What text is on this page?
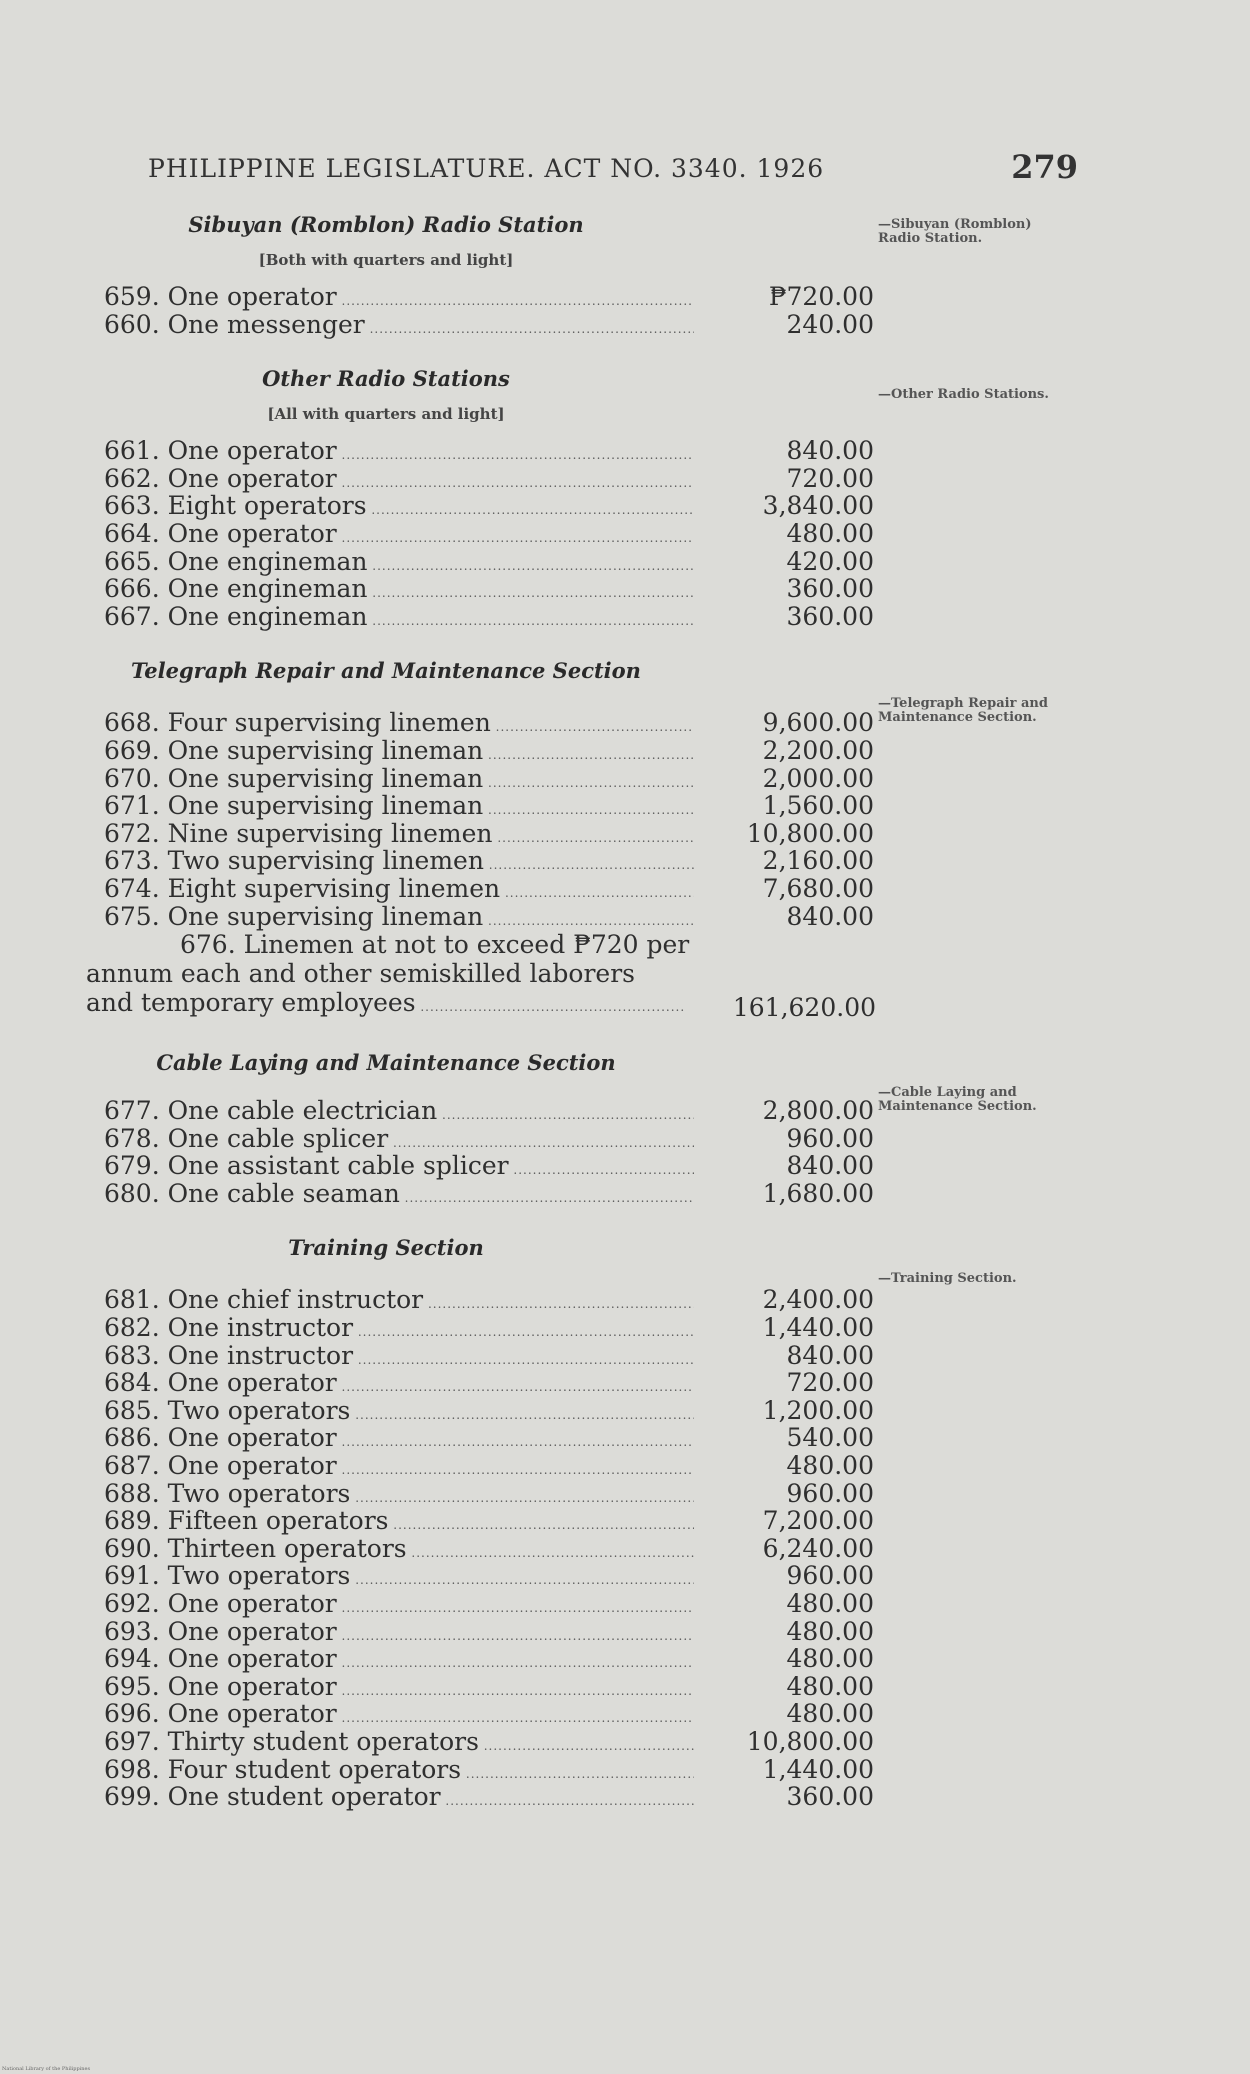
PHILIPPINE LEGISLATURE. ACT NO. 3340. 1926	279
Sibuyan (Romblon) Radio Station
[Both with quarters and light]
659. One operator .....	₱720.00
660. One messenger .....	240.00
Other Radio Stations
[All with quarters and light]
661. One operator .....	840.00
662. One operator .....	720.00
663. Eight operators .....	3,840.00
664. One operator .....	480.00
665. One engineman .....	420.00
666. One engineman .....	360.00
667. One engineman .....	360.00
Telegraph Repair and Maintenance Section
668. Four supervising linemen .....	9,600.00
669. One supervising lineman .....	2,200.00
670. One supervising lineman .....	2,000.00
671. One supervising lineman .....	1,560.00
672. Nine supervising linemen .....	10,800.00
673. Two supervising linemen .....	2,160.00
674. Eight supervising linemen .....	7,680.00
675. One supervising lineman .....	840.00
676. Linemen at not to exceed ₱720 per
annum each and other semiskilled laborers
and temporary employees .....	161,620.00
Cable Laying and Maintenance Section
677. One cable electrician .....	2,800.00
678. One cable splicer .....	960.00
679. One assistant cable splicer .....	840.00
680. One cable seaman .....	1,680.00
Training Section
681. One chief instructor .....	2,400.00
682. One instructor .....	1,440.00
683. One instructor .....	840.00
684. One operator .....	720.00
685. Two operators .....	1,200.00
686. One operator .....	540.00
687. One operator .....	480.00
688. Two operators .....	960.00
689. Fifteen operators .....	7,200.00
690. Thirteen operators .....	6,240.00
691. Two operators .....	960.00
692. One operator .....	480.00
693. One operator .....	480.00
694. One operator .....	480.00
695. One operator .....	480.00
696. One operator .....	480.00
697. Thirty student operators .....	10,800.00
698. Four student operators .....	1,440.00
699. One student operator .....	360.00
—Sibuyan (Romblon) Radio Station.
—Other Radio Stations.
—Telegraph Repair and Maintenance Section.
—Cable Laying and Maintenance Section.
—Training Section.
National Library of the Philippines
